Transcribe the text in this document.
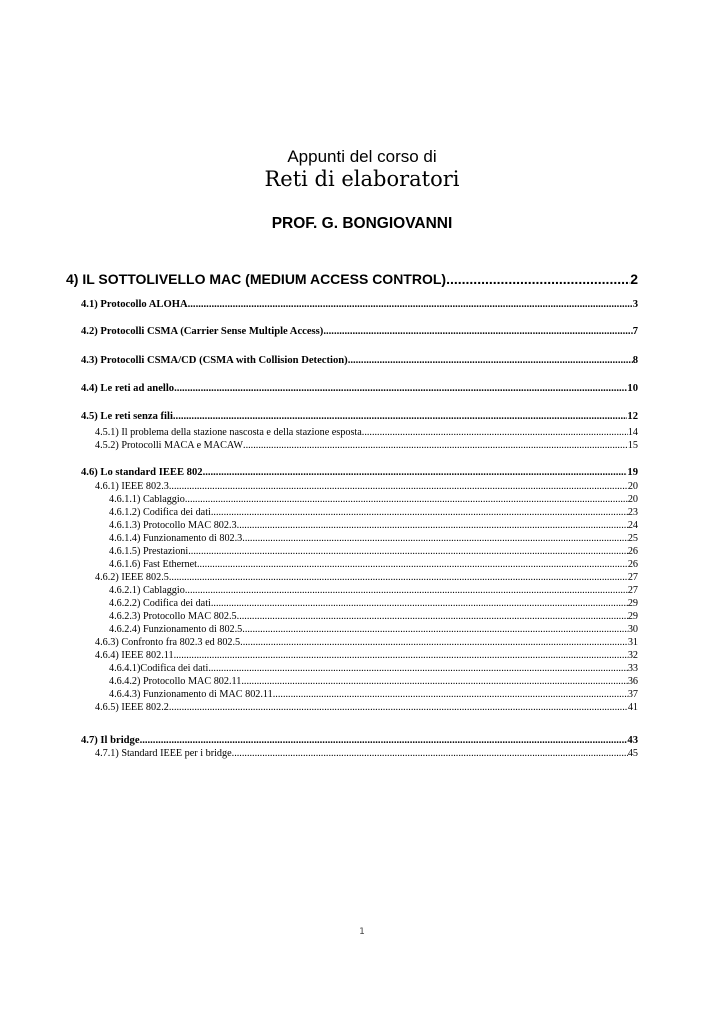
Appunti del corso di
Reti di elaboratori
PROF. G. BONGIOVANNI
4) IL SOTTOLIVELLO MAC (MEDIUM ACCESS CONTROL) .....	2
4.1) Protocollo ALOHA .....	3
4.2) Protocolli CSMA (Carrier Sense Multiple Access) .....	7
4.3) Protocolli CSMA/CD (CSMA with Collision Detection) .....	8
4.4) Le reti ad anello .....	10
4.5) Le reti senza fili .....	12
4.5.1) Il problema della stazione nascosta e della stazione esposta .....	14
4.5.2) Protocolli MACA e MACAW .....	15
4.6) Lo standard IEEE 802 .....	19
4.6.1) IEEE 802.3 .....	20
4.6.1.1) Cablaggio .....	20
4.6.1.2) Codifica dei dati .....	23
4.6.1.3) Protocollo MAC 802.3 .....	24
4.6.1.4) Funzionamento di 802.3 .....	25
4.6.1.5) Prestazioni .....	26
4.6.1.6) Fast Ethernet .....	26
4.6.2) IEEE 802.5 .....	27
4.6.2.1) Cablaggio .....	27
4.6.2.2) Codifica dei dati .....	29
4.6.2.3) Protocollo MAC 802.5 .....	29
4.6.2.4) Funzionamento di 802.5 .....	30
4.6.3) Confronto fra 802.3 ed 802.5 .....	31
4.6.4) IEEE 802.11 .....	32
4.6.4.1)Codifica dei dati .....	33
4.6.4.2) Protocollo MAC 802.11 .....	36
4.6.4.3) Funzionamento di MAC 802.11 .....	37
4.6.5) IEEE 802.2 .....	41
4.7) Il bridge .....	43
4.7.1) Standard IEEE per i bridge .....	45
1
